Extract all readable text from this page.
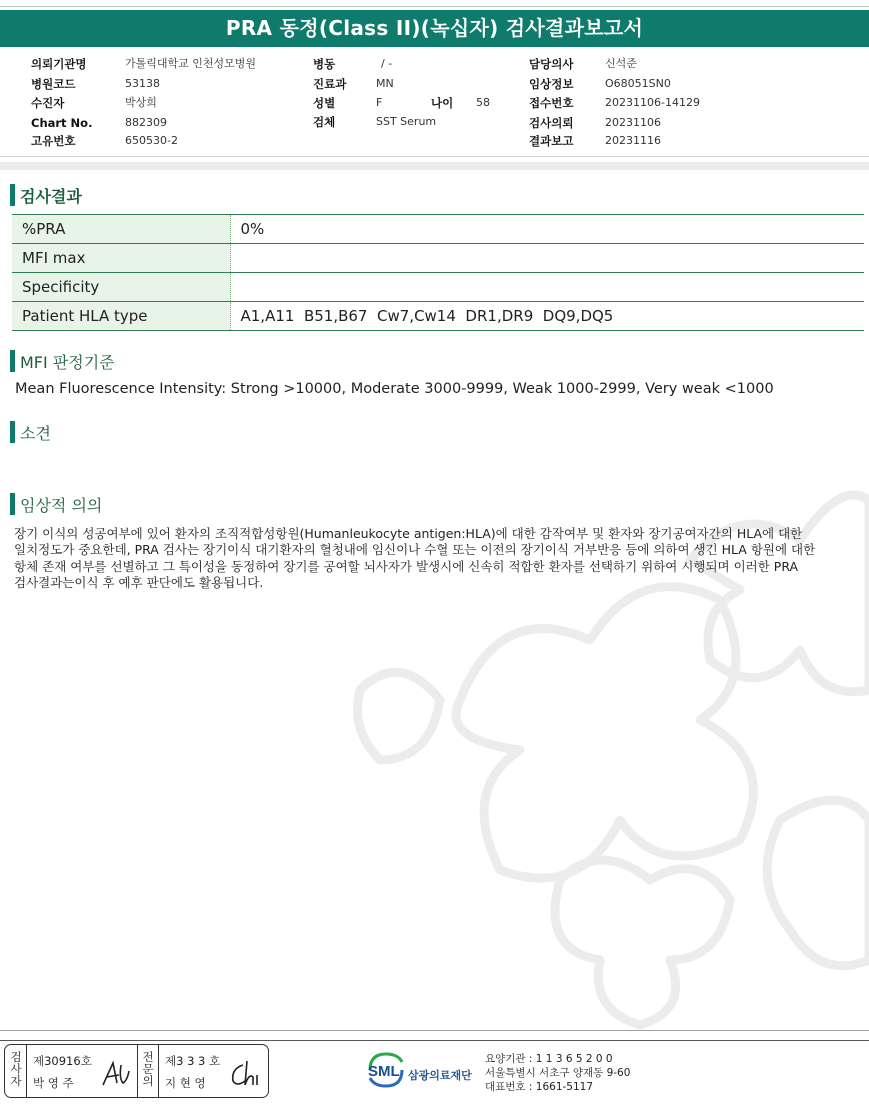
PRA 동정(Class II)(녹십자) 검사결과보고서
의뢰기관명	가톨릭대학교 인천성모병원
병원코드	53138
수진자	박상희
Chart No.	882309
고유번호	650530-2
병동	/ -
진료과	MN
성별	F	나이 58
검체	SST Serum
담당의사	신석준
임상정보	O68051SN0
접수번호	20231106-14129
검사의뢰	20231106
결과보고	20231116
검사결과
%PRA	0%
MFI max	
Specificity	
Patient HLA type	A1,A11  B51,B67  Cw7,Cw14  DR1,DR9  DQ9,DQ5
MFI 판정기준
Mean Fluorescence Intensity: Strong >10000, Moderate 3000-9999, Weak 1000-2999, Very weak <1000
소견
임상적 의의
장기 이식의 성공여부에 있어 환자의 조직적합성항원(Humanleukocyte antigen:HLA)에 대한 감작여부 및 환자와 장기공여자간의 HLA에 대한
일치정도가 중요한데, PRA 검사는 장기이식 대기환자의 혈청내에 임신이나 수혈 또는 이전의 장기이식 거부반응 등에 의하여 생긴 HLA 항원에 대한
항체 존재 여부를 선별하고 그 특이성을 동정하여 장기를 공여할 뇌사자가 발생시에 신속히 적합한 환자를 선택하기 위하여 시행되며 이러한 PRA
검사결과는이식 후 예후 판단에도 활용됩니다.
검
사
자
제30916호
박 영 주
전
문
의
제3 3 3 호
지 현 영
SML 삼광의료재단
요양기관 : 1 1 3 6 5 2 0 0
서울특별시 서초구 양재동 9-60
대표번호 : 1661-5117
